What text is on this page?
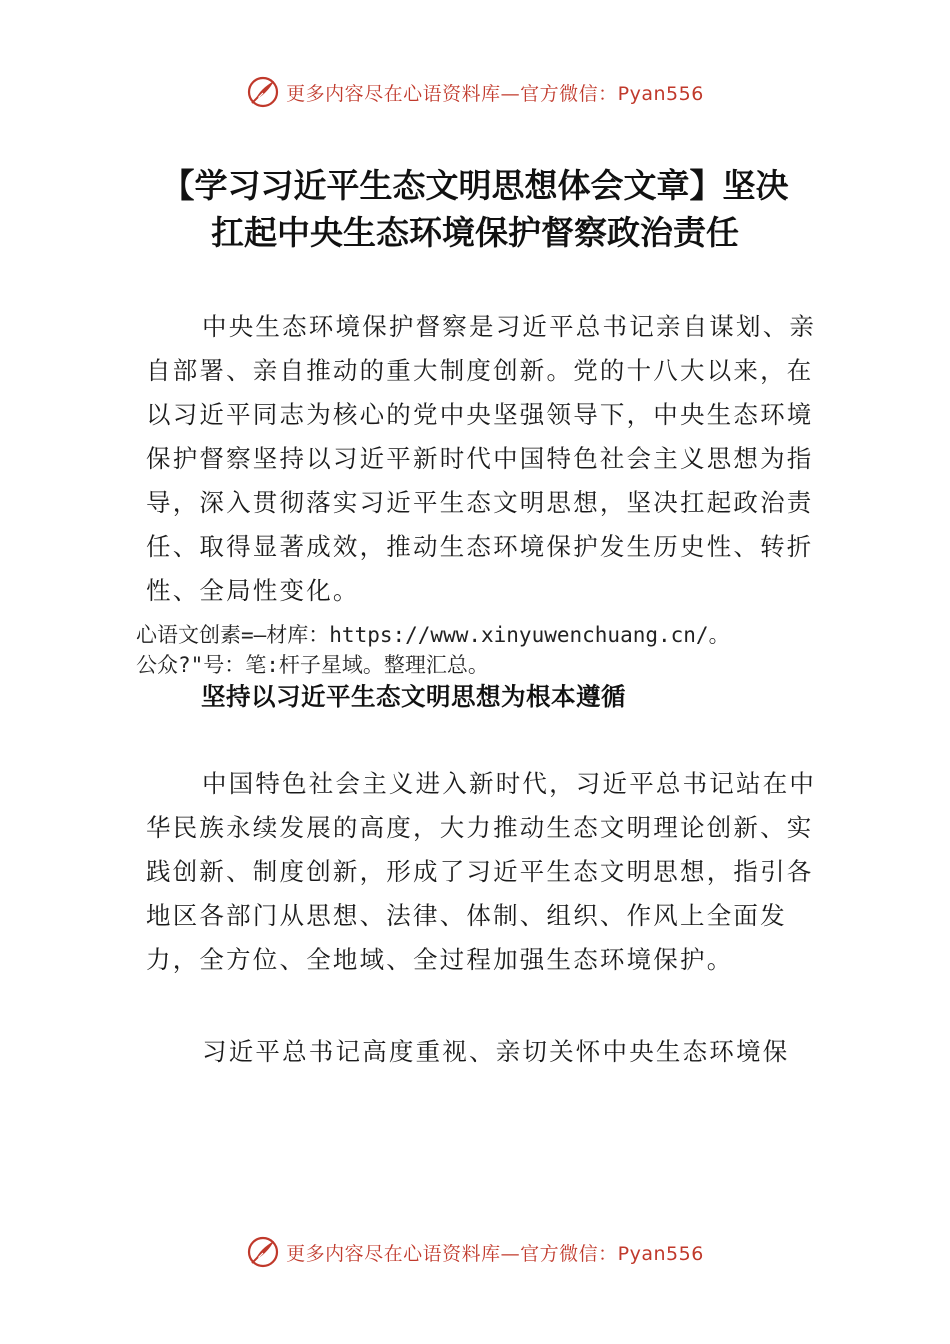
更多内容尽在心语资料库—官方微信：Pyan556
【学习习近平生态文明思想体会文章】坚决
扛起中央生态环境保护督察政治责任

中央生态环境保护督察是习近平总书记亲自谋划、亲自部署、亲自推动的重大制度创新。党的十八大以来，在以习近平同志为核心的党中央坚强领导下，中央生态环境保护督察坚持以习近平新时代中国特色社会主义思想为指导，深入贯彻落实习近平生态文明思想，坚决扛起政治责任、取得显著成效，推动生态环境保护发生历史性、转折性、全局性变化。

心语文创素=—材库：https://www.xinyuwenchuang.cn/。

公众?"号：笔:杆子星域。整理汇总。

坚持以习近平生态文明思想为根本遵循

中国特色社会主义进入新时代，习近平总书记站在中华民族永续发展的高度，大力推动生态文明理论创新、实践创新、制度创新，形成了习近平生态文明思想，指引各地区各部门从思想、法律、体制、组织、作风上全面发力，全方位、全地域、全过程加强生态环境保护。

习近平总书记高度重视、亲切关怀中央生态环境保

更多内容尽在心语资料库—官方微信：Pyan556
